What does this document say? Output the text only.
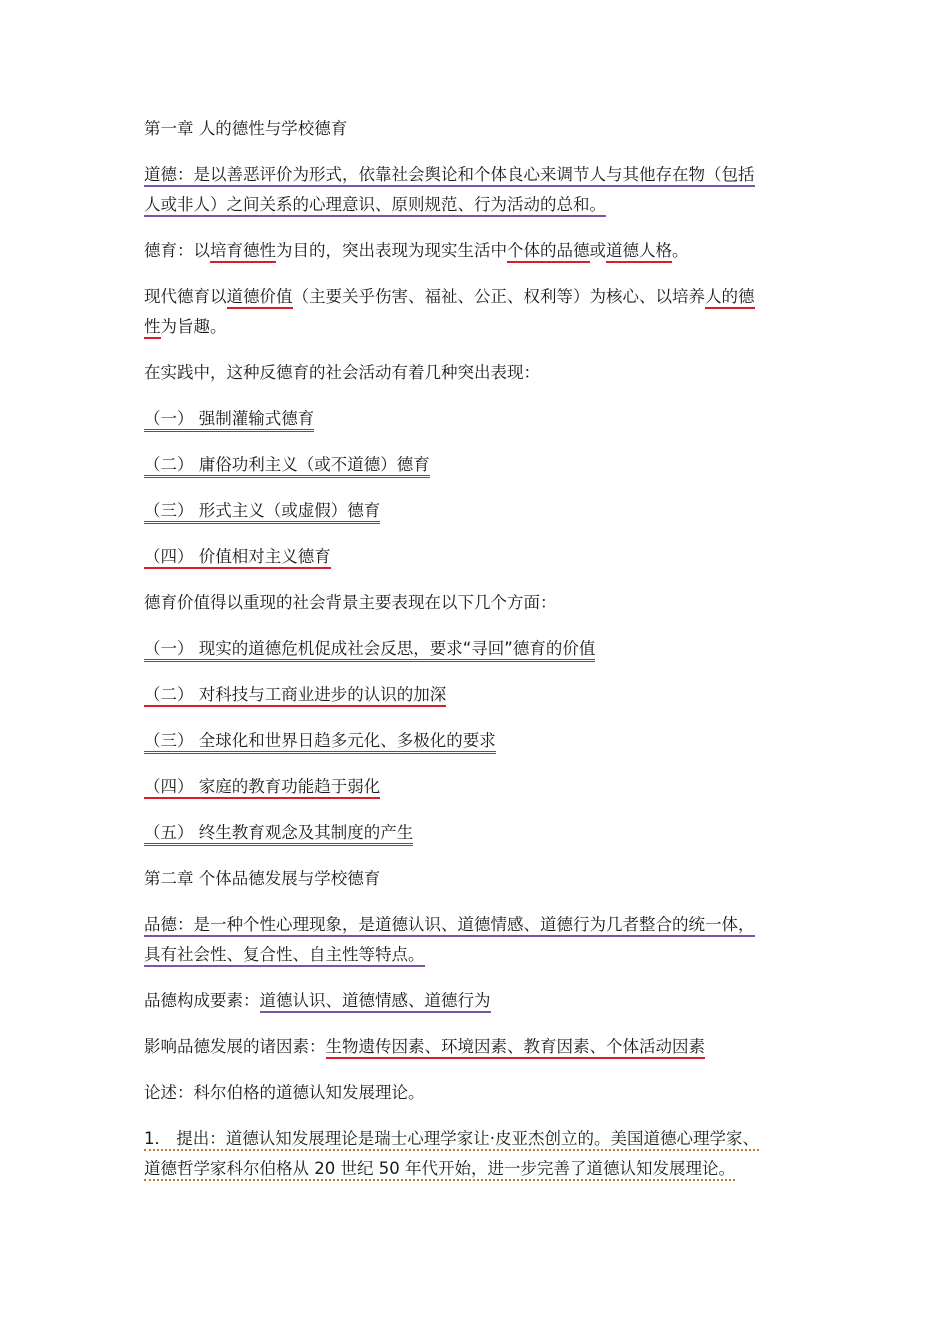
第一章 人的德性与学校德育
道德：是以善恶评价为形式，依靠社会舆论和个体良心来调节人与其他存在物（包括
人或非人）之间关系的心理意识、原则规范、行为活动的总和。
德育：以培育德性为目的，突出表现为现实生活中个体的品德或道德人格。
现代德育以道德价值（主要关乎伤害、福祉、公正、权利等）为核心、以培养人的德
性为旨趣。
在实践中，这种反德育的社会活动有着几种突出表现：
（一） 强制灌输式德育
（二） 庸俗功利主义（或不道德）德育
（三） 形式主义（或虚假）德育
（四） 价值相对主义德育
德育价值得以重现的社会背景主要表现在以下几个方面：
（一） 现实的道德危机促成社会反思，要求“寻回”德育的价值
（二） 对科技与工商业进步的认识的加深
（三） 全球化和世界日趋多元化、多极化的要求
（四） 家庭的教育功能趋于弱化
（五） 终生教育观念及其制度的产生
第二章 个体品德发展与学校德育
品德：是一种个性心理现象，是道德认识、道德情感、道德行为几者整合的统一体，
具有社会性、复合性、自主性等特点。
品德构成要素：道德认识、道德情感、道德行为
影响品德发展的诸因素：生物遗传因素、环境因素、教育因素、个体活动因素
论述：科尔伯格的道德认知发展理论。
1． 提出：道德认知发展理论是瑞士心理学家让·皮亚杰创立的。美国道德心理学家、
道德哲学家科尔伯格从 20 世纪 50 年代开始，进一步完善了道德认知发展理论。
